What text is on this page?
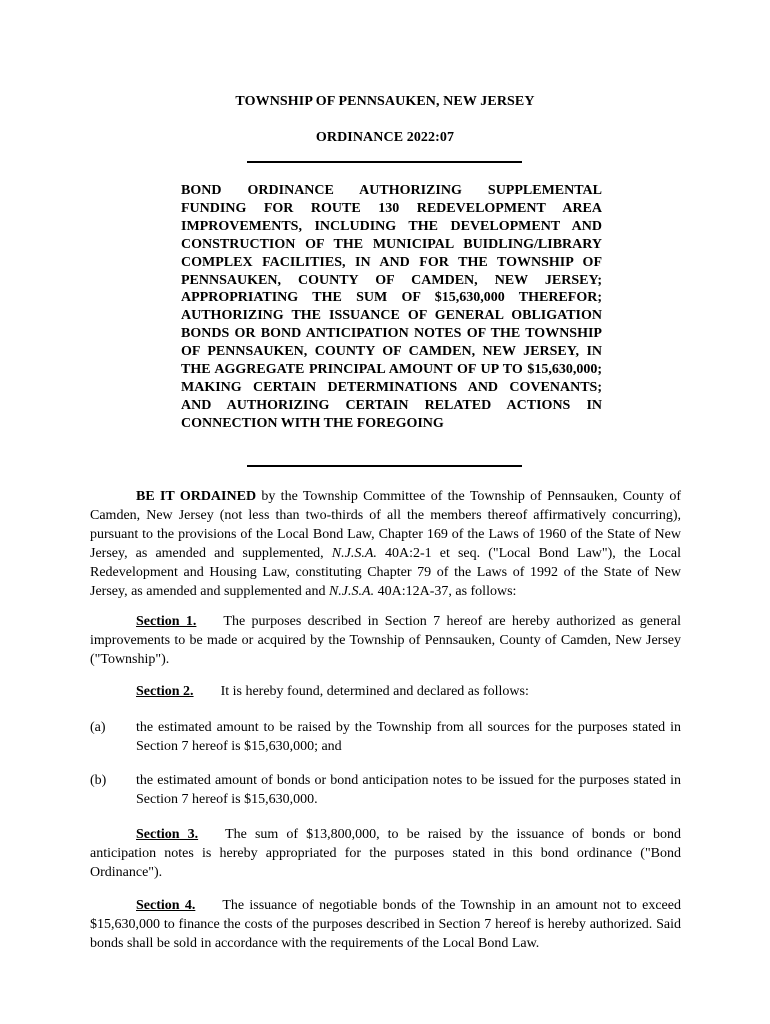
TOWNSHIP OF PENNSAUKEN, NEW JERSEY
ORDINANCE 2022:07
BOND ORDINANCE AUTHORIZING SUPPLEMENTAL FUNDING FOR ROUTE 130 REDEVELOPMENT AREA IMPROVEMENTS, INCLUDING THE DEVELOPMENT AND CONSTRUCTION OF THE MUNICIPAL BUIDLING/LIBRARY COMPLEX FACILITIES, IN AND FOR THE TOWNSHIP OF PENNSAUKEN, COUNTY OF CAMDEN, NEW JERSEY; APPROPRIATING THE SUM OF $15,630,000 THEREFOR; AUTHORIZING THE ISSUANCE OF GENERAL OBLIGATION BONDS OR BOND ANTICIPATION NOTES OF THE TOWNSHIP OF PENNSAUKEN, COUNTY OF CAMDEN, NEW JERSEY, IN THE AGGREGATE PRINCIPAL AMOUNT OF UP TO $15,630,000; MAKING CERTAIN DETERMINATIONS AND COVENANTS; AND AUTHORIZING CERTAIN RELATED ACTIONS IN CONNECTION WITH THE FOREGOING
BE IT ORDAINED by the Township Committee of the Township of Pennsauken, County of Camden, New Jersey (not less than two-thirds of all the members thereof affirmatively concurring), pursuant to the provisions of the Local Bond Law, Chapter 169 of the Laws of 1960 of the State of New Jersey, as amended and supplemented, N.J.S.A. 40A:2-1 et seq. ("Local Bond Law"), the Local Redevelopment and Housing Law, constituting Chapter 79 of the Laws of 1992 of the State of New Jersey, as amended and supplemented and N.J.S.A. 40A:12A-37, as follows:
Section 1. The purposes described in Section 7 hereof are hereby authorized as general improvements to be made or acquired by the Township of Pennsauken, County of Camden, New Jersey ("Township").
Section 2. It is hereby found, determined and declared as follows:
(a) the estimated amount to be raised by the Township from all sources for the purposes stated in Section 7 hereof is $15,630,000; and
(b) the estimated amount of bonds or bond anticipation notes to be issued for the purposes stated in Section 7 hereof is $15,630,000.
Section 3. The sum of $13,800,000, to be raised by the issuance of bonds or bond anticipation notes is hereby appropriated for the purposes stated in this bond ordinance ("Bond Ordinance").
Section 4. The issuance of negotiable bonds of the Township in an amount not to exceed $15,630,000 to finance the costs of the purposes described in Section 7 hereof is hereby authorized. Said bonds shall be sold in accordance with the requirements of the Local Bond Law.
